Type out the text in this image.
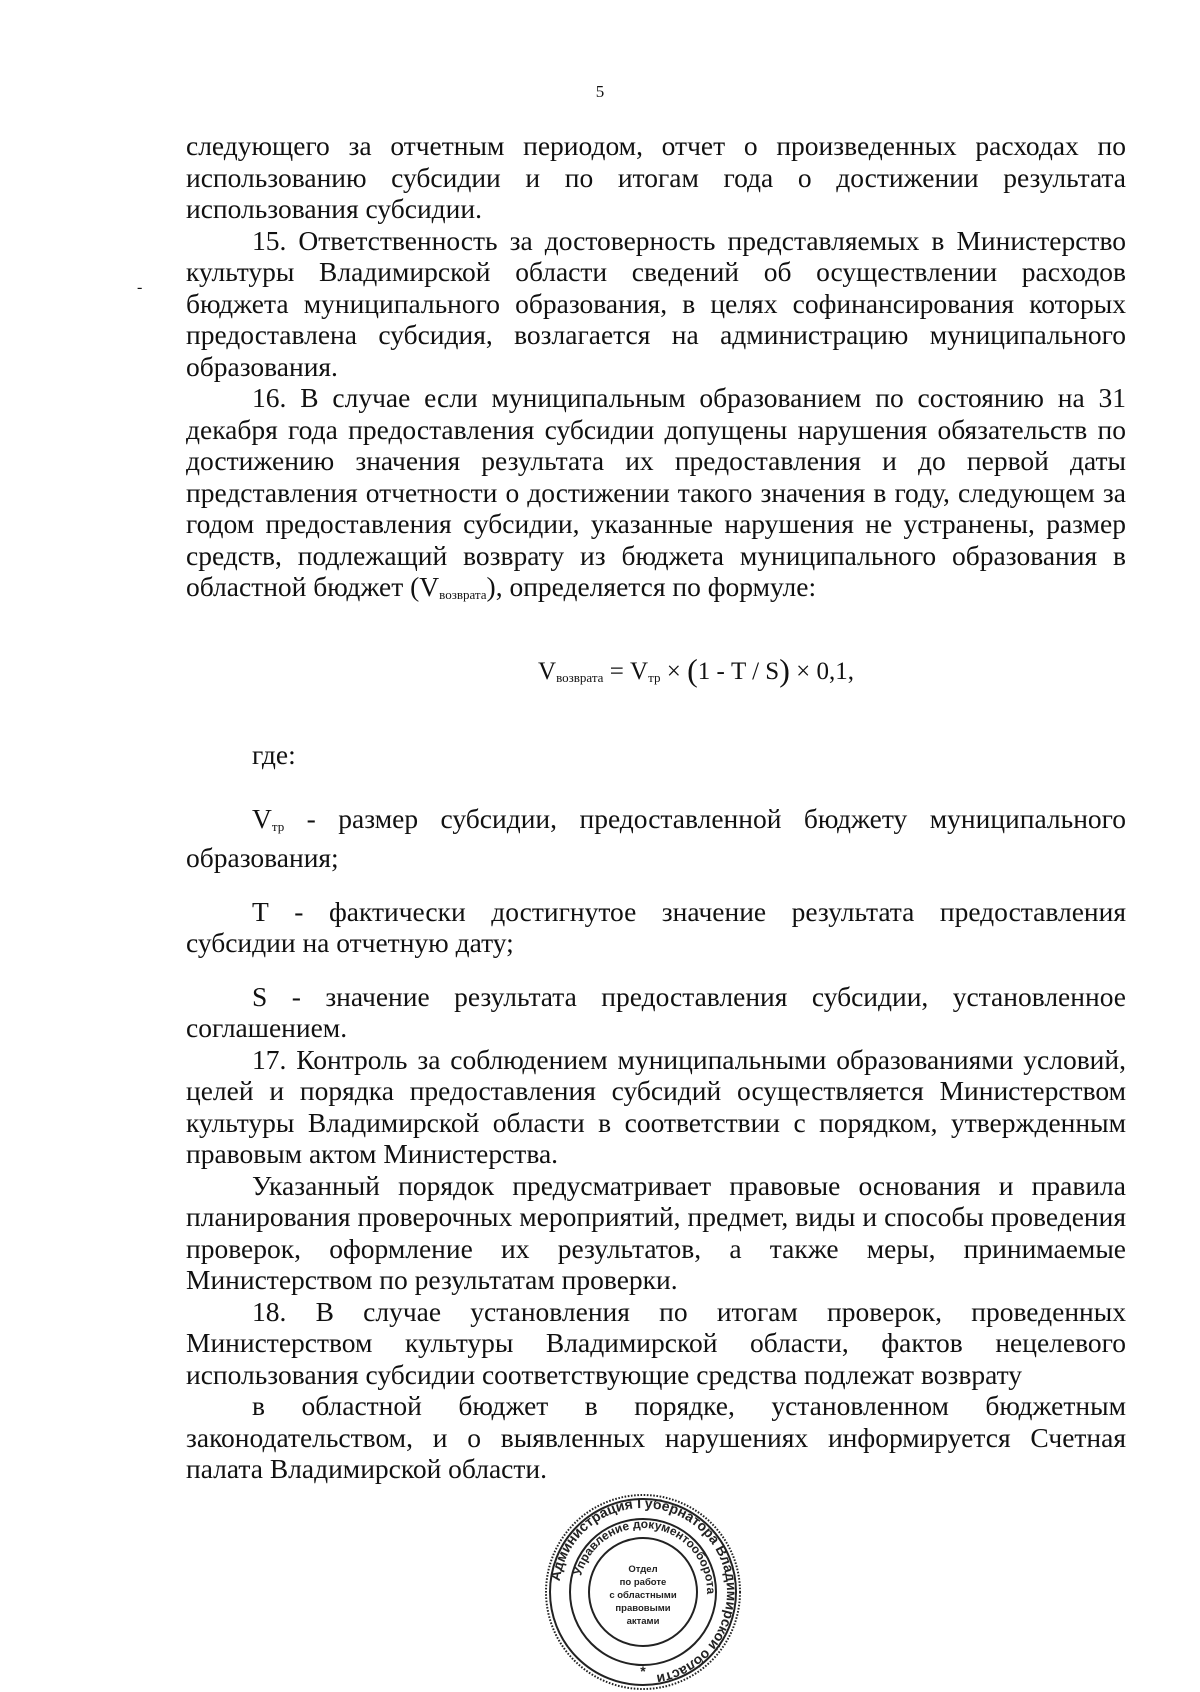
5
-

следующего за отчетным периодом, отчет о произведенных расходах по использованию субсидии и по итогам года о достижении результата использования субсидии.

15. Ответственность за достоверность представляемых в Министерство культуры Владимирской области сведений об осуществлении расходов бюджета муниципального образования, в целях софинансирования которых предоставлена субсидия, возлагается на администрацию муниципального образования.

16. В случае если муниципальным образованием по состоянию на 31 декабря года предоставления субсидии допущены нарушения обязательств по достижению значения результата их предоставления и до первой даты представления отчетности о достижении такого значения в году, следующем за годом предоставления субсидии, указанные нарушения не устранены, размер средств, подлежащий возврату из бюджета муниципального образования в областной бюджет $(V_{возврата})$, определяется по формуле:

$V_{возврата} = V_{тр} \times (1 - T / S) \times 0,1$,

где:

$V_{тр}$ - размер субсидии, предоставленной бюджету муниципального образования;

Т - фактически достигнутое значение результата предоставления субсидии на отчетную дату;

S - значение результата предоставления субсидии, установленное соглашением.

17. Контроль за соблюдением муниципальными образованиями условий, целей и порядка предоставления субсидий осуществляется Министерством культуры Владимирской области в соответствии с порядком, утвержденным правовым актом Министерства.

Указанный порядок предусматривает правовые основания и правила планирования проверочных мероприятий, предмет, виды и способы проведения проверок, оформление их результатов, а также меры, принимаемые Министерством по результатам проверки.

18. В случае установления по итогам проверок, проведенных Министерством культуры Владимирской области, фактов нецелевого использования субсидии соответствующие средства подлежат возврату

в областной бюджет в порядке, установленном бюджетным законодательством, и о выявленных нарушениях информируется Счетная палата Владимирской области.

Администрация Губернатора Владимирской области
Управление документооборота
*
Отдел
по работе
с областными
правовыми
актами
